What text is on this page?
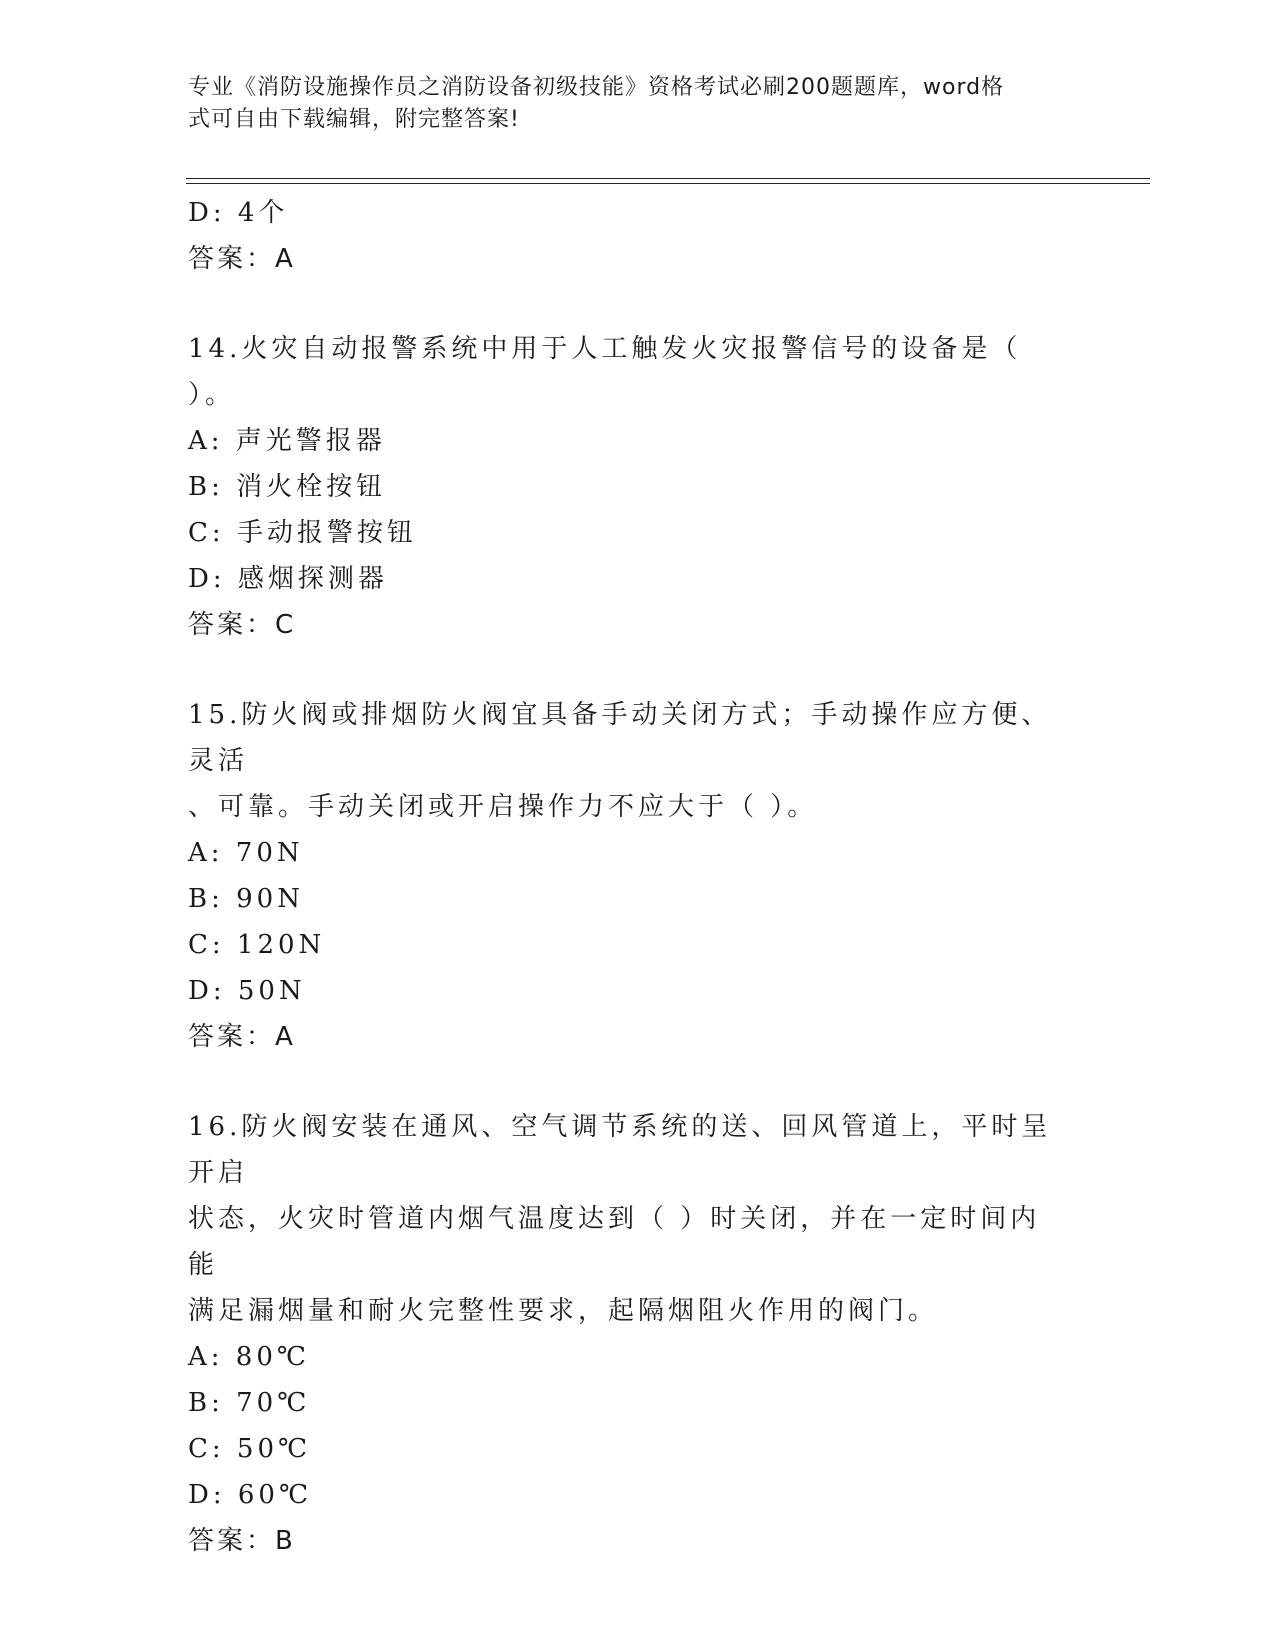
专业《消防设施操作员之消防设备初级技能》资格考试必刷200题题库，word格
式可自由下载编辑，附完整答案!
D: 4个
答案：A
14.火灾自动报警系统中用于人工触发火灾报警信号的设备是（ ）。
A: 声光警报器
B: 消火栓按钮
C: 手动报警按钮
D: 感烟探测器
答案：C
15.防火阀或排烟防火阀宜具备手动关闭方式；手动操作应方便、灵活
、可靠。手动关闭或开启操作力不应大于（ ）。
A: 70N
B: 90N
C: 120N
D: 50N
答案：A
16.防火阀安装在通风、空气调节系统的送、回风管道上，平时呈开启
状态，火灾时管道内烟气温度达到（ ）时关闭，并在一定时间内能
满足漏烟量和耐火完整性要求，起隔烟阻火作用的阀门。
A: 80℃
B: 70℃
C: 50℃
D: 60℃
答案：B
